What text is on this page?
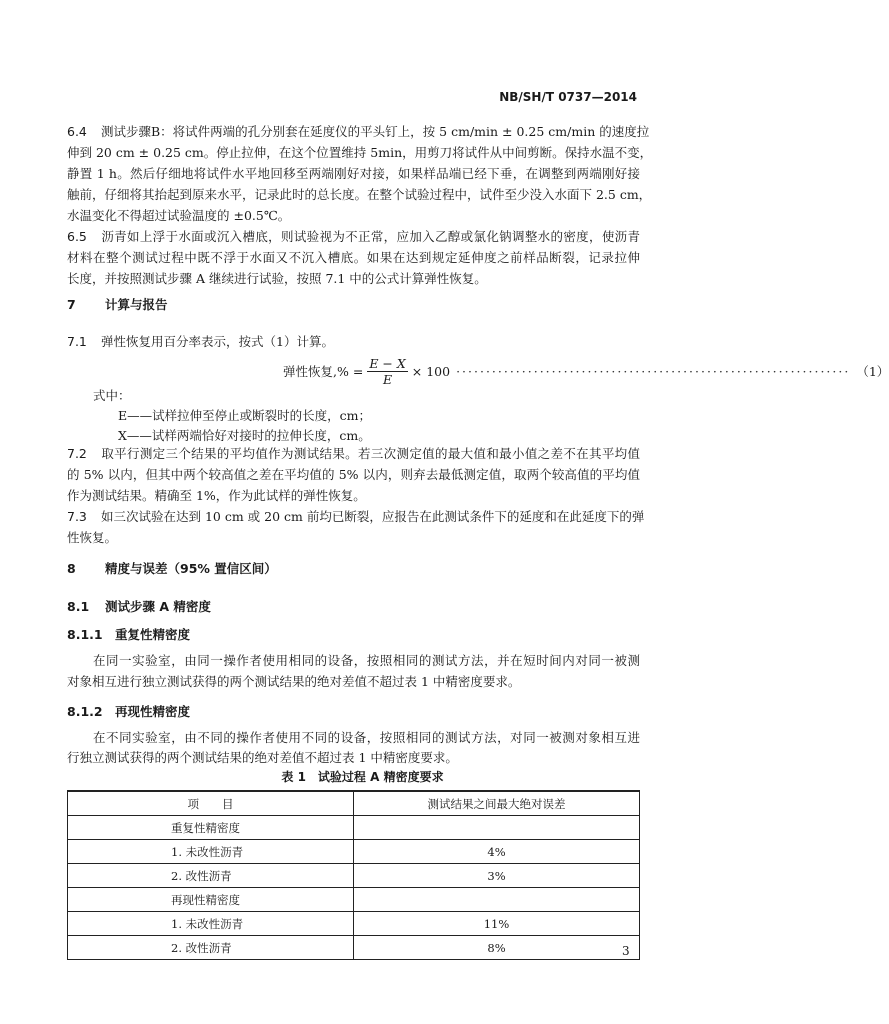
NB/SH/T 0737—2014
6.4 测试步骤B：将试件两端的孔分别套在延度仪的平头钉上，按 5 cm/min ± 0.25 cm/min 的速度拉
伸到 20 cm ± 0.25 cm。停止拉伸，在这个位置维持 5min，用剪刀将试件从中间剪断。保持水温不变，
静置 1 h。然后仔细地将试件水平地回移至两端刚好对接，如果样品端已经下垂，在调整到两端刚好接
触前，仔细将其抬起到原来水平，记录此时的总长度。在整个试验过程中，试件至少没入水面下 2.5 cm，
水温变化不得超过试验温度的 ±0.5℃。
6.5 沥青如上浮于水面或沉入槽底，则试验视为不正常，应加入乙醇或氯化钠调整水的密度，使沥青
材料在整个测试过程中既不浮于水面又不沉入槽底。如果在达到规定延伸度之前样品断裂，记录拉伸
长度，并按照测试步骤 A 继续进行试验，按照 7.1 中的公式计算弹性恢复。
7 计算与报告
7.1 弹性恢复用百分率表示，按式（1）计算。
弹性恢复,% = $\frac{E - X}{E} \times 100$ ·································································· （1）
式中：
E——试样拉伸至停止或断裂时的长度，cm；
X——试样两端恰好对接时的拉伸长度，cm。
7.2 取平行测定三个结果的平均值作为测试结果。若三次测定值的最大值和最小值之差不在其平均值
的 5% 以内，但其中两个较高值之差在平均值的 5% 以内，则弃去最低测定值，取两个较高值的平均值
作为测试结果。精确至 1%，作为此试样的弹性恢复。
7.3 如三次试验在达到 10 cm 或 20 cm 前均已断裂，应报告在此测试条件下的延度和在此延度下的弹
性恢复。
8 精度与误差（95% 置信区间）
8.1 测试步骤 A 精密度
8.1.1 重复性精密度
在同一实验室，由同一操作者使用相同的设备，按照相同的测试方法，并在短时间内对同一被测
对象相互进行独立测试获得的两个测试结果的绝对差值不超过表 1 中精密度要求。
8.1.2 再现性精密度
在不同实验室，由不同的操作者使用不同的设备，按照相同的测试方法，对同一被测对象相互进
行独立测试获得的两个测试结果的绝对差值不超过表 1 中精密度要求。
表 1　试验过程 A 精密度要求
项　　目	测试结果之间最大绝对误差
重复性精密度	
1. 未改性沥青	4%
2. 改性沥青	3%
再现性精密度	
1. 未改性沥青	11%
2. 改性沥青	8%	3
